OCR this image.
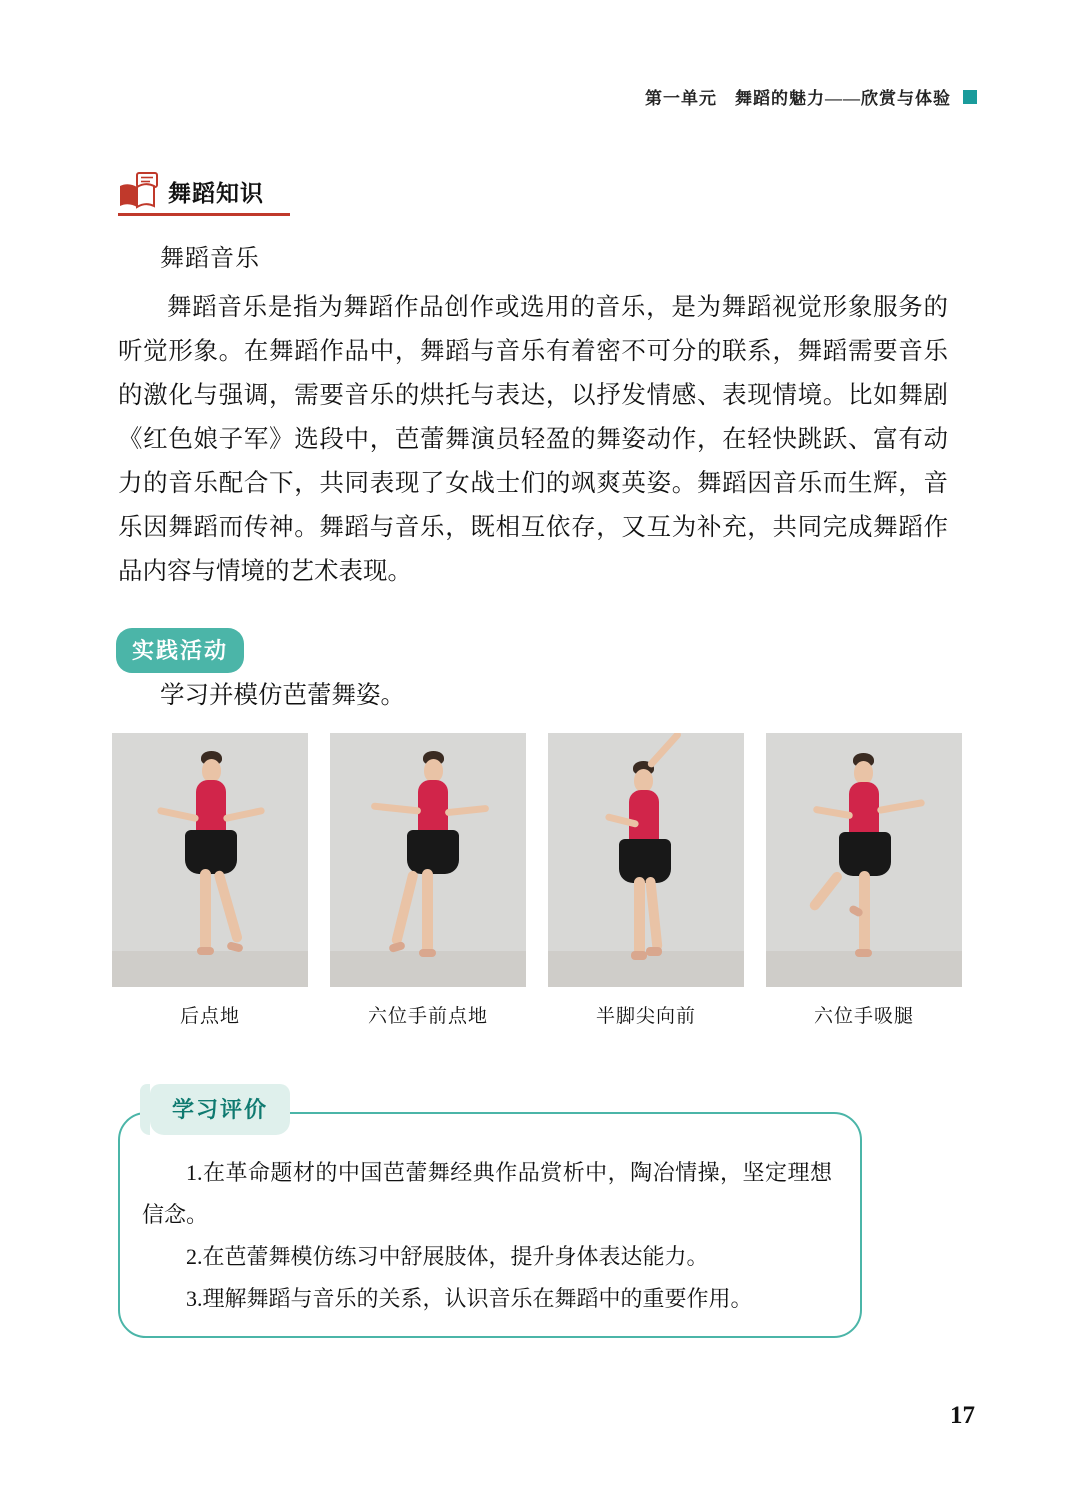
第一单元　舞蹈的魅力——欣赏与体验
舞蹈知识
舞蹈音乐
舞蹈音乐是指为舞蹈作品创作或选用的音乐，是为舞蹈视觉形象服务的听觉形象。在舞蹈作品中，舞蹈与音乐有着密不可分的联系，舞蹈需要音乐的激化与强调，需要音乐的烘托与表达，以抒发情感、表现情境。比如舞剧《红色娘子军》选段中，芭蕾舞演员轻盈的舞姿动作，在轻快跳跃、富有动力的音乐配合下，共同表现了女战士们的飒爽英姿。舞蹈因音乐而生辉，音乐因舞蹈而传神。舞蹈与音乐，既相互依存，又互为补充，共同完成舞蹈作品内容与情境的艺术表现。
实践活动
学习并模仿芭蕾舞姿。
后点地	六位手前点地	半脚尖向前	六位手吸腿
学习评价

1.在革命题材的中国芭蕾舞经典作品赏析中，陶冶情操，坚定理想信念。

2.在芭蕾舞模仿练习中舒展肢体，提升身体表达能力。

3.理解舞蹈与音乐的关系，认识音乐在舞蹈中的重要作用。

17
